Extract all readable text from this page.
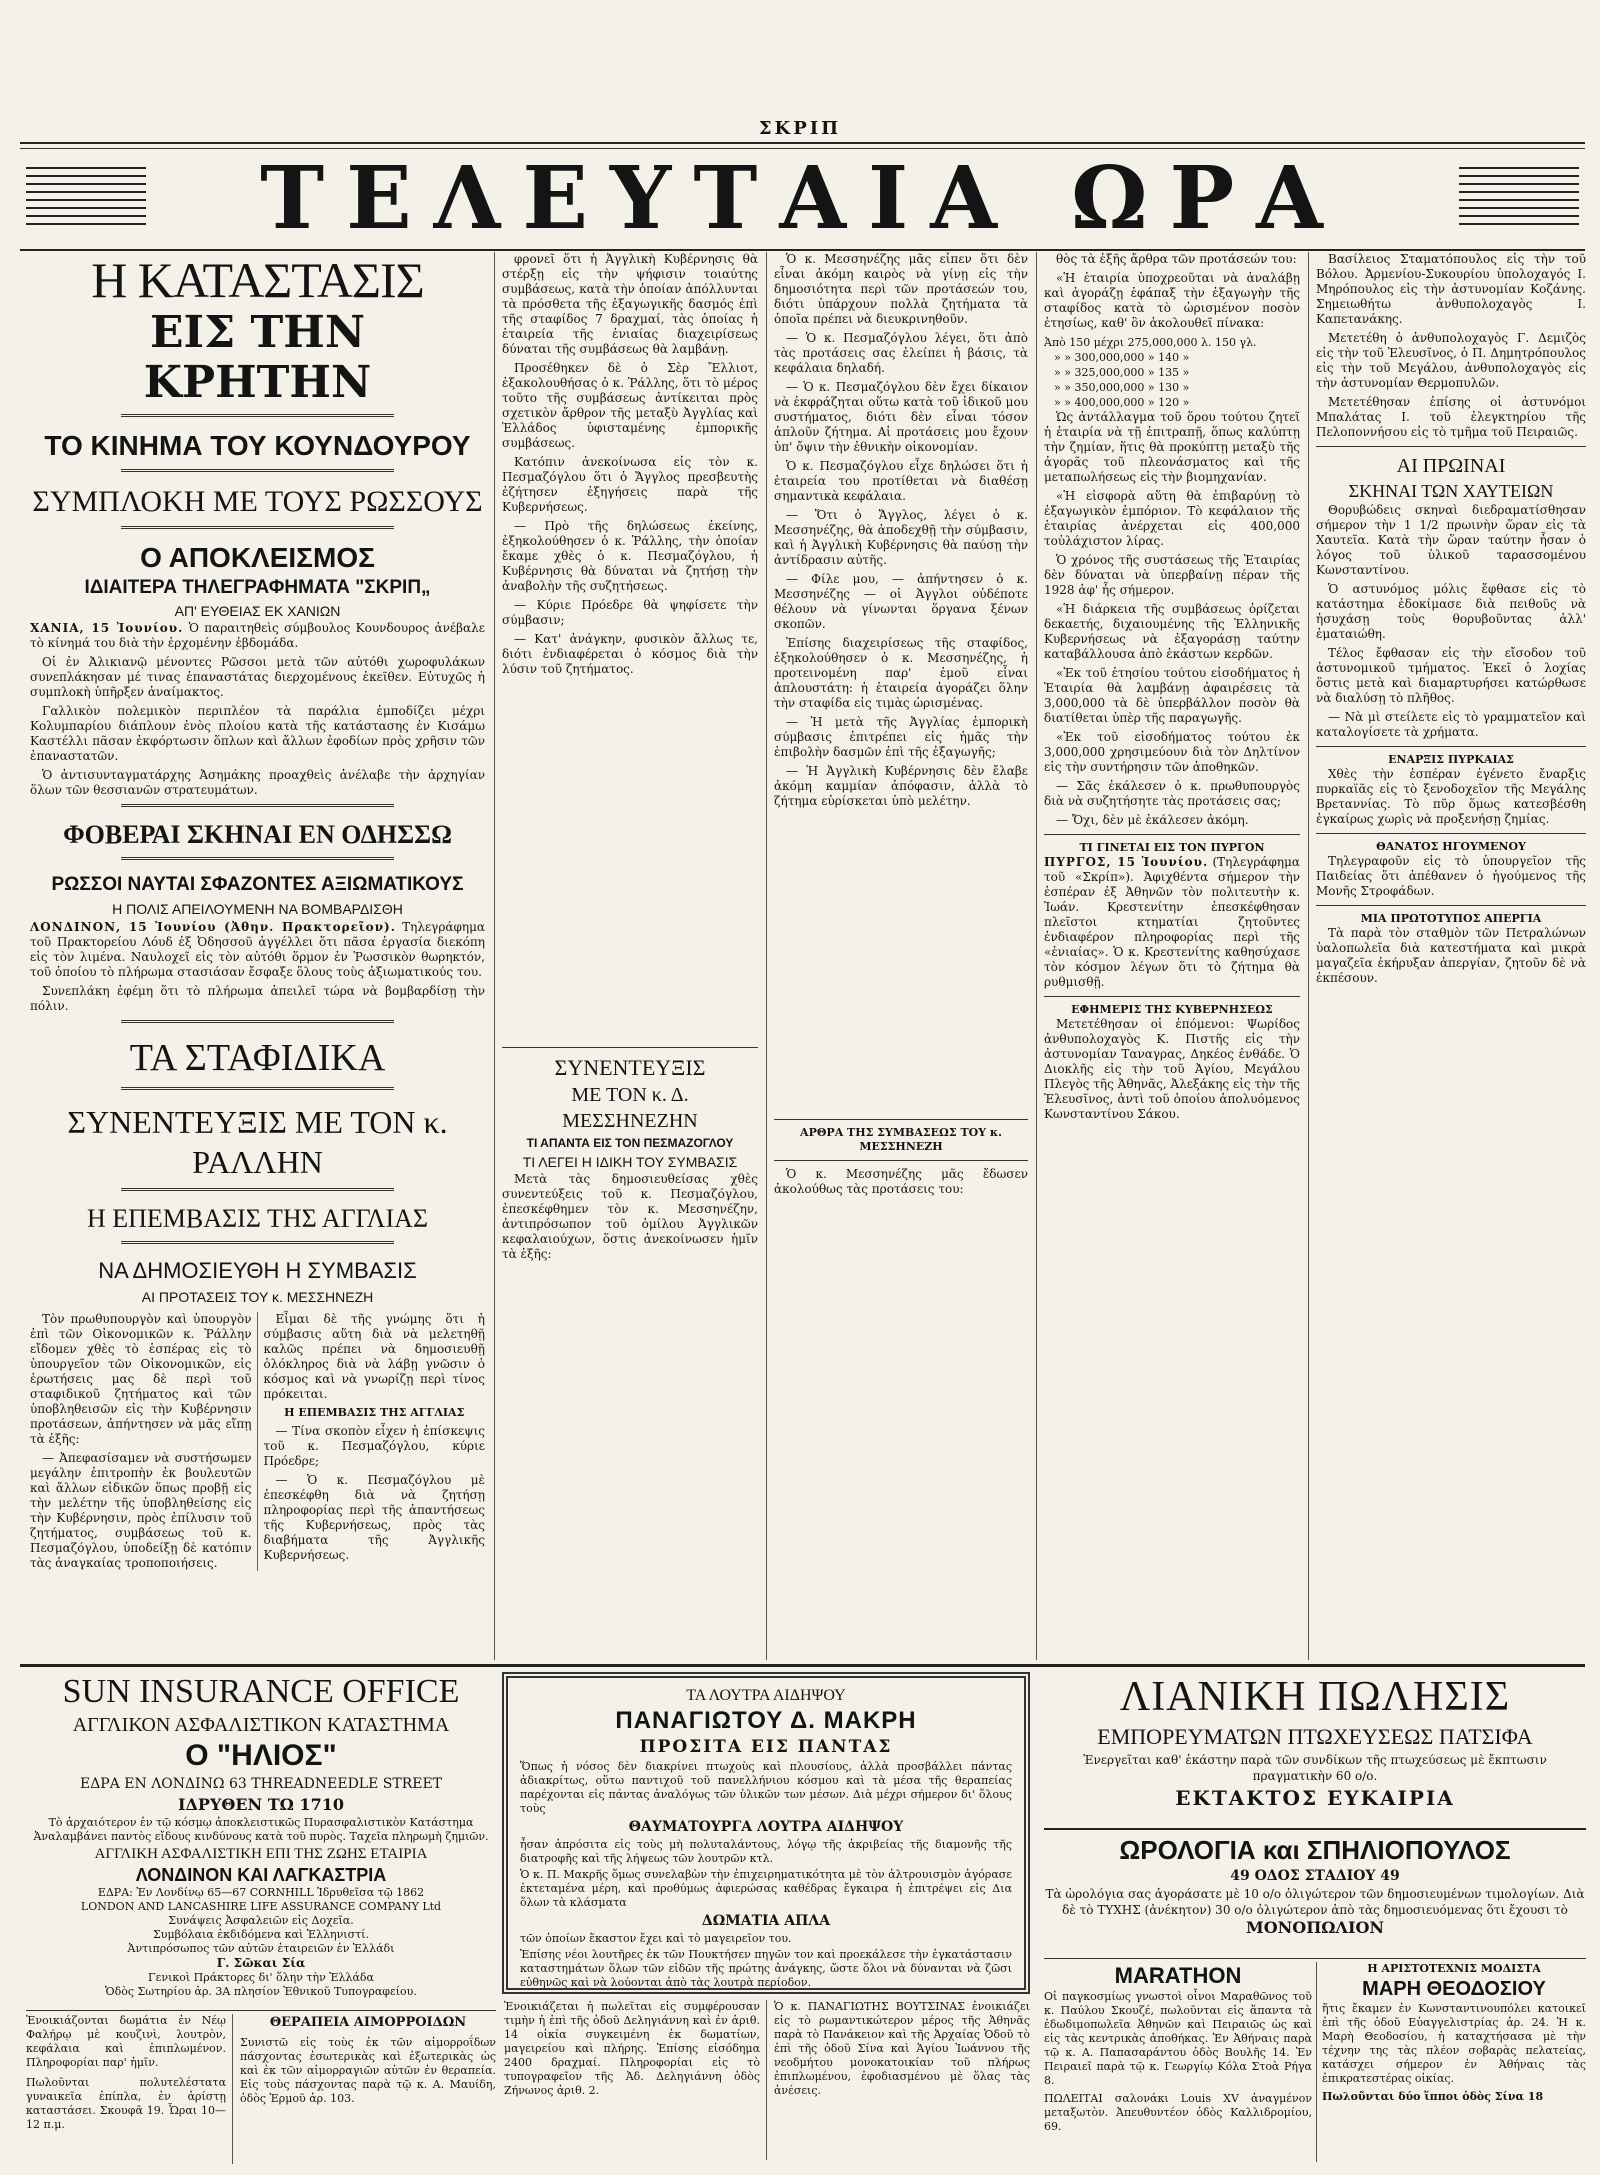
ΣΚΡΙΠ
ΤΕΛΕΥΤΑΙΑ ΩΡΑ
Η ΚΑΤΑΣΤΑΣΙΣ
ΕΙΣ ΤΗΝ ΚΡΗΤΗΝ
ΤΟ ΚΙΝΗΜΑ ΤΟΥ ΚΟΥΝΔΟΥΡΟΥ
ΣΥΜΠΛΟΚΗ ΜΕ ΤΟΥΣ ΡΩΣΣΟΥΣ
Ο ΑΠΟΚΛΕΙΣΜΟΣ
ΙΔΙΑΙΤΕΡΑ ΤΗΛΕΓΡΑΦΗΜΑΤΑ "ΣΚΡΙΠ„
ΑΠ' ΕΥΘΕΙΑΣ ΕΚ ΧΑΝΙΩΝ

ΧΑΝΙΑ, 15 Ἰουνίου. Ὁ παραιτηθεὶς σύμβουλος Κουνδουρος ἀνέβαλε τὸ κίνημά του διὰ τὴν ἐρχομένην ἑβδομάδα.

Οἱ ἐν Ἀλικιανῷ μένοντες Ρῶσσοι μετὰ τῶν αὐτόθι χωροφυλάκων συνεπλάκησαν μέ τινας ἐπαναστάτας διερχομένους ἐκεῖθεν. Εὐτυχῶς ἡ συμπλοκὴ ὑπῆρξεν ἀναίμακτος.

Γαλλικὸν πολεμικὸν περιπλέον τὰ παράλια ἐμποδίζει μέχρι Κολυμπαρίου διάπλουν ἐνὸς πλοίου κατὰ τῆς κατάστασης ἐν Κισάμω Καστέλλι πᾶσαν ἐκφόρτωσιν ὅπλων καὶ ἄλλων ἐφοδίων πρὸς χρῆσιν τῶν ἐπαναστατῶν.

Ὁ ἀντισυνταγματάρχης Ἀσημάκης προαχθεὶς ἀνέλαβε τὴν ἀρχηγίαν ὅλων τῶν θεσσιανῶν στρατευμάτων.

ΦΟΒΕΡΑΙ ΣΚΗΝΑΙ ΕΝ ΟΔΗΣΣΩ
ΡΩΣΣΟΙ ΝΑΥΤΑΙ ΣΦΑΖΟΝΤΕΣ ΑΞΙΩΜΑΤΙΚΟΥΣ
Η ΠΟΛΙΣ ΑΠΕΙΛΟΥΜΕΝΗ ΝΑ ΒΟΜΒΑΡΔΙΣΘΗ

ΛΟΝΔΙΝΟΝ, 15 Ἰουνίου (Ἀθην. Πρακτορεῖον). Τηλεγράφημα τοῦ Πρακτορείου Λόυδ ἐξ Ὀδησσοῦ ἀγγέλλει ὅτι πᾶσα ἐργασία διεκόπη εἰς τὸν λιμένα. Ναυλοχεῖ εἰς τὸν αὐτόθι ὅρμον ἐν Ῥωσσικὸν θωρηκτόν, τοῦ ὁποίου τὸ πλήρωμα στασιάσαν ἔσφαξε ὅλους τοὺς ἀξιωματικούς του.

Συνεπλάκη ἐφέμη ὅτι τὸ πλήρωμα ἀπειλεῖ τώρα νὰ βομβαρδίσῃ τὴν πόλιν.

ΤΑ ΣΤΑΦΙΔΙΚΑ
ΣΥΝΕΝΤΕΥΞΙΣ ΜΕ ΤΟΝ κ. ΡΑΛΛΗΝ
Η ΕΠΕΜΒΑΣΙΣ ΤΗΣ ΑΓΓΛΙΑΣ
ΝΑ ΔΗΜΟΣΙΕΥΘΗ Η ΣΥΜΒΑΣΙΣ
ΑΙ ΠΡΟΤΑΣΕΙΣ ΤΟΥ κ. ΜΕΣΣΗΝΕΖΗ

Τὸν πρωθυπουργὸν καὶ ὑπουργὸν ἐπὶ τῶν Οἰκονομικῶν κ. Ῥάλλην εἴδομεν χθὲς τὸ ἑσπέρας εἰς τὸ ὑπουργεῖον τῶν Οἰκονομικῶν, εἰς ἐρωτήσεις μας δὲ περὶ τοῦ σταφιδικοῦ ζητήματος καὶ τῶν ὑποβληθεισῶν εἰς τὴν Κυβέρνησιν προτάσεων, ἀπήντησεν νὰ μᾶς εἴπῃ τὰ ἑξῆς:

— Ἀπεφασίσαμεν νὰ συστήσωμεν μεγάλην ἐπιτροπὴν ἐκ βουλευτῶν καὶ ἄλλων εἰδικῶν ὅπως προβῇ εἰς τὴν μελέτην τῆς ὑποβληθείσης εἰς τὴν Κυβέρνησιν, πρὸς ἐπίλυσιν τοῦ ζητήματος, συμβάσεως τοῦ κ. Πεσμαζόγλου, ὑποδείξῃ δὲ κατόπιν τὰς ἀναγκαίας τροποποιήσεις.

Εἶμαι δὲ τῆς γνώμης ὅτι ἡ σύμβασις αὕτη διὰ νὰ μελετηθῇ καλῶς πρέπει νὰ δημοσιευθῇ ὁλόκληρος διὰ νὰ λάβῃ γνῶσιν ὁ κόσμος καὶ νὰ γνωρίζῃ περὶ τίνος πρόκειται.

Η ΕΠΕΜΒΑΣΙΣ ΤΗΣ ΑΓΓΛΙΑΣ

— Τίνα σκοπὸν εἶχεν ἡ ἐπίσκεψις τοῦ κ. Πεσμαζόγλου, κύριε Πρόεδρε;

— Ὁ κ. Πεσμαζόγλου μὲ ἐπεσκέφθη διὰ νὰ ζητήσῃ πληροφορίας περὶ τῆς ἀπαντήσεως τῆς Κυβερνήσεως, πρὸς τὰς διαβήματα τῆς Ἀγγλικῆς Κυβερνήσεως.

φρονεῖ ὅτι ἡ Ἀγγλικὴ Κυβέρνησις θὰ στέρξῃ εἰς τὴν ψήφισιν τοιαύτης συμβάσεως, κατὰ τὴν ὁποίαν ἀπόλλυνται τὰ πρόσθετα τῆς ἐξαγωγικῆς δασμός ἐπὶ τῆς σταφίδος 7 δραχμαί, τὰς ὁποίας ἡ ἑταιρεία τῆς ἐνιαίας διαχειρίσεως δύναται τῆς συμβάσεως θὰ λαμβάνῃ.

Προσέθηκεν δὲ ὁ Σὲρ Ἔλλιοτ, ἐξακολουθήσας ὁ κ. Ῥάλλης, ὅτι τὸ μέρος τοῦτο τῆς συμβάσεως ἀντίκειται πρὸς σχετικὸν ἄρθρον τῆς μεταξὺ Ἀγγλίας καὶ Ἑλλάδος ὑφισταμένης ἐμπορικῆς συμβάσεως.

Κατόπιν ἀνεκοίνωσα εἰς τὸν κ. Πεσμαζόγλου ὅτι ὁ Ἄγγλος πρεσβευτὴς ἐζήτησεν ἐξηγήσεις παρὰ τῆς Κυβερνήσεως.

— Πρὸ τῆς δηλώσεως ἐκείνης, ἐξηκολούθησεν ὁ κ. Ῥάλλης, τὴν ὁποίαν ἔκαμε χθὲς ὁ κ. Πεσμαζόγλου, ἡ Κυβέρνησις θὰ δύναται νὰ ζητήσῃ τὴν ἀναβολὴν τῆς συζητήσεως.

— Κύριε Πρόεδρε θὰ ψηφίσετε τὴν σύμβασιν;

— Κατ' ἀνάγκην, φυσικὸν ἄλλως τε, διότι ἐνδιαφέρεται ὁ κόσμος διὰ τὴν λύσιν τοῦ ζητήματος.

ΣΥΝΕΝΤΕΥΞΙΣ
ΜΕ ΤΟΝ κ. Δ. ΜΕΣΣΗΝΕΖΗΝ
ΤΙ ΑΠΑΝΤΑ ΕΙΣ ΤΟΝ ΠΕΣΜΑΖΟΓΛΟΥ
ΤΙ ΛΕΓΕΙ Η ΙΔΙΚΗ ΤΟΥ ΣΥΜΒΑΣΙΣ

Μετὰ τὰς δημοσιευθείσας χθὲς συνεντεύξεις τοῦ κ. Πεσμαζόγλου, ἐπεσκέφθημεν τὸν κ. Μεσσηνέζην, ἀντιπρόσωπον τοῦ ὀμίλου Ἀγγλικῶν κεφαλαιούχων, ὅστις ἀνεκοίνωσεν ἡμῖν τὰ ἑξῆς:

Ὁ κ. Μεσσηνέζης μᾶς εἶπεν ὅτι δὲν εἶναι ἀκόμη καιρὸς νὰ γίνῃ εἰς τὴν δημοσιότητα περὶ τῶν προτάσεών του, διότι ὑπάρχουν πολλὰ ζητήματα τὰ ὁποῖα πρέπει νὰ διευκρινηθοῦν.

— Ὁ κ. Πεσμαζόγλου λέγει, ὅτι ἀπὸ τὰς προτάσεις σας ἐλείπει ἡ βάσις, τὰ κεφάλαια δηλαδή.

— Ὁ κ. Πεσμαζόγλου δὲν ἔχει δίκαιον νὰ ἐκφράζηται οὕτω κατὰ τοῦ ἰδικοῦ μου συστήματος, διότι δὲν εἶναι τόσον ἁπλοῦν ζήτημα. Αἱ προτάσεις μου ἔχουν ὑπ' ὄψιν τὴν ἐθνικὴν οἰκονομίαν.

Ὁ κ. Πεσμαζόγλου εἶχε δηλώσει ὅτι ἡ ἑταιρεία του προτίθεται νὰ διαθέσῃ σημαντικὰ κεφάλαια.

— Ὅτι ὁ Ἄγγλος, λέγει ὁ κ. Μεσσηνέζης, θὰ ἀποδεχθῇ τὴν σύμβασιν, καὶ ἡ Ἀγγλικὴ Κυβέρνησις θὰ παύσῃ τὴν ἀντίδρασιν αὐτῆς.

— Φίλε μου, — ἀπήντησεν ὁ κ. Μεσσηνέζης — οἱ Ἀγγλοι οὐδέποτε θέλουν νὰ γίνωνται ὅργανα ξένων σκοπῶν.

Ἐπίσης διαχειρίσεως τῆς σταφίδος, ἐξηκολούθησεν ὁ κ. Μεσσηνέζης, ἡ προτεινομένη παρ' ἐμοῦ εἶναι ἀπλουστάτη: ἡ ἑταιρεία ἀγοράζει ὅλην τὴν σταφίδα εἰς τιμὰς ὡρισμένας.

— Ἡ μετὰ τῆς Ἀγγλίας ἐμπορικὴ σύμβασις ἐπιτρέπει εἰς ἡμᾶς τὴν ἐπιβολὴν δασμῶν ἐπὶ τῆς ἐξαγωγῆς;

— Ἡ Ἀγγλικὴ Κυβέρνησις δὲν ἔλαβε ἀκόμη καμμίαν ἀπόφασιν, ἀλλὰ τὸ ζήτημα εὑρίσκεται ὑπὸ μελέτην.

ΑΡΘΡΑ ΤΗΣ ΣΥΜΒΑΣΕΩΣ ΤΟΥ κ. ΜΕΣΣΗΝΕΖΗ

Ὁ κ. Μεσσηνέζης μᾶς ἔδωσεν ἀκολούθως τὰς προτάσεις του:

θὸς τὰ ἑξῆς ἄρθρα τῶν προτάσεών του:

«Ἡ ἑταιρία ὑποχρεοῦται νὰ ἀναλάβῃ καὶ ἀγοράζῃ ἐφάπαξ τὴν ἐξαγωγὴν τῆς σταφίδος κατὰ τὸ ὡρισμένον ποσὸν ἐτησίως, καθ' ὃν ἀκολουθεῖ πίνακα:

Ἀπὸ 150 μέχρι 275,000,000 λ. 150 γλ.
» » 300,000,000 » 140 »
» » 325,000,000 » 135 »
» » 350,000,000 » 130 »
» » 400,000,000 » 120 »

Ὡς ἀντάλλαγμα τοῦ ὅρου τούτου ζητεῖ ἡ ἑταιρία νὰ τῇ ἐπιτραπῇ, ὅπως καλύπτῃ τὴν ζημίαν, ἥτις θὰ προκύπτῃ μεταξὺ τῆς ἀγορᾶς τοῦ πλεονάσματος καὶ τῆς μεταπωλήσεως εἰς τὴν βιομηχανίαν.

«Ἡ εἰσφορὰ αὕτη θὰ ἐπιβαρύνῃ τὸ ἐξαγωγικὸν ἐμπόριον. Τὸ κεφάλαιον τῆς ἑταιρίας ἀνέρχεται εἰς 400,000 τοὐλάχιστον λίρας.

Ὁ χρόνος τῆς συστάσεως τῆς Ἑταιρίας δὲν δύναται νὰ ὑπερβαίνῃ πέραν τῆς 1928 ἀφ' ἧς σήμερον.

«Ἡ διάρκεια τῆς συμβάσεως ὁρίζεται δεκαετής, διχαιουμένης τῆς Ἑλληνικῆς Κυβερνήσεως νὰ ἐξαγοράσῃ ταύτην καταβάλλουσα ἀπὸ ἑκάστων κερδῶν.

«Ἐκ τοῦ ἐτησίου τούτου εἰσοδήματος ἡ Ἑταιρία θὰ λαμβάνῃ ἀφαιρέσεις τὰ 3,000,000 τὰ δὲ ὑπερβάλλον ποσὸν θὰ διατίθεται ὑπὲρ τῆς παραγωγῆς.

«Ἐκ τοῦ εἰσοδήματος τούτου ἐκ 3,000,000 χρησιμεύουν διὰ τὸν Δηλτίνον εἰς τὴν συντήρησιν τῶν ἀποθηκῶν.

— Σᾶς ἐκάλεσεν ὁ κ. πρωθυπουργὸς διὰ νὰ συζητήσητε τὰς προτάσεις σας;

— Ὄχι, δὲν μὲ ἐκάλεσεν ἀκόμη.

ΤΙ ΓΙΝΕΤΑΙ ΕΙΣ ΤΟΝ ΠΥΡΓΟΝ

ΠΥΡΓΟΣ, 15 Ἰουνίου. (Τηλεγράφημα τοῦ «Σκρίπ»). Ἀφιχθέντα σήμερον τὴν ἑσπέραν ἐξ Ἀθηνῶν τὸν πολιτευτὴν κ. Ἰωάν. Κρεστενίτην ἐπεσκέφθησαν πλεῖστοι κτηματίαι ζητοῦντες ἐνδιαφέρον πληροφορίας περὶ τῆς «ἑνιαίας». Ὁ κ. Κρεστενίτης καθησύχασε τὸν κόσμον λέγων ὅτι τὸ ζήτημα θὰ ρυθμισθῇ.

ΕΦΗΜΕΡΙΣ ΤΗΣ ΚΥΒΕΡΝΗΣΕΩΣ

Μετετέθησαν οἱ ἑπόμενοι: Ψωρίδος ἀνθυπολοχαγὸς Κ. Πιστῆς εἰς τὴν ἀστυνομίαν Ταναγρας, Δηκέος ἐνθάδε. Ὁ Διοκλῆς εἰς τὴν τοῦ Ἀγίου, Μεγάλου Πλεγὸς τῆς Ἀθηνᾶς, Ἀλεξάκης εἰς τὴν τῆς Ἐλευσῖνος, ἀντὶ τοῦ ὁποίου ἀπολυόμενος Κωνσταντίνου Σάκου.

Βασίλειος Σταματόπουλος εἰς τὴν τοῦ Βόλου. Ἀρμενίου-Συκουρίου ὑπολοχαγός Ι. Μηρόπουλος εἰς τὴν ἀστυνομίαν Κοζάνης. Σημειωθήτω ἀνθυπολοχαγὸς Ι. Καπετανάκης.

Μετετέθη ὁ ἀνθυπολοχαγὸς Γ. Δεμιζὸς εἰς τὴν τοῦ Ἐλευσῖνος, ὁ Π. Δημητρόπουλος εἰς τὴν τοῦ Μεγάλου, ἀνθυπολοχαγὸς εἰς τὴν ἀστυνομίαν Θερμοπυλῶν.

Μετετέθησαν ἐπίσης οἱ ἀστυνόμοι Μπαλάτας Ι. τοῦ ἐλεγκτηρίου τῆς Πελοποννήσου εἰς τὸ τμῆμα τοῦ Πειραιῶς.

ΑΙ ΠΡΩΙΝΑΙ
ΣΚΗΝΑΙ ΤΩΝ ΧΑΥΤΕΙΩΝ

Θορυβώδεις σκηναὶ διεδραματίσθησαν σήμερον τὴν 1 1/2 πρωινὴν ὥραν εἰς τὰ Χαυτεῖα. Κατὰ τὴν ὥραν ταύτην ἦσαν ὁ λόγος τοῦ ὑλικοῦ ταρασσομένου Κωνσταντίνου.

Ὁ αστυνόμος μόλις ἔφθασε εἰς τὸ κατάστημα ἐδοκίμασε διὰ πειθοῦς νὰ ἡσυχάσῃ τοὺς θορυβοῦντας ἀλλ' ἐματαιώθη.

Τέλος ἔφθασαν εἰς τὴν εἴσοδον τοῦ ἀστυνομικοῦ τμήματος. Ἐκεῖ ὁ λοχίας ὅστις μετὰ καὶ διαμαρτυρήσει κατώρθωσε νὰ διαλύσῃ τὸ πλῆθος.

— Νὰ μὶ στείλετε εἰς τὸ γραμματεῖον καὶ καταλογίσετε τὰ χρήματα.

ΕΝΑΡΞΙΣ ΠΥΡΚΑΙΑΣ

Χθὲς τὴν ἑσπέραν ἐγένετο ἔναρξις πυρκαϊᾶς εἰς τὸ ξενοδοχεῖον τῆς Μεγάλης Βρεταννίας. Τὸ πῦρ ὅμως κατεσβέσθη ἐγκαίρως χωρὶς νὰ προξενήσῃ ζημίας.

ΘΑΝΑΤΟΣ ΗΓΟΥΜΕΝΟΥ

Τηλεγραφοῦν εἰς τὸ ὑπουργεῖον τῆς Παιδείας ὅτι ἀπέθανεν ὁ ἡγούμενος τῆς Μονῆς Στροφάδων.

ΜΙΑ ΠΡΩΤΟΤΥΠΟΣ ΑΠΕΡΓΙΑ

Τὰ παρὰ τὸν σταθμὸν τῶν Πετραλώνων ὑαλοπωλεῖα διὰ κατεστήματα καὶ μικρὰ μαγαζεῖα ἐκήρυξαν ἀπεργίαν, ζητοῦν δὲ νὰ ἐκπέσουν.

SUN INSURANCE OFFICE
ΑΓΓΛΙΚΟΝ ΑΣΦΑΛΙΣΤΙΚΟΝ ΚΑΤΑΣΤΗΜΑ
Ο "ΗΛΙΟΣ"
ΕΔΡΑ ΕΝ ΛΟΝΔΙΝΩ 63 THREADNEEDLE STREET
ΙΔΡΥΘΕΝ ΤΩ 1710
Τὸ ἀρχαιότερον ἐν τῷ κόσμῳ ἀποκλειστικῶς Πυρασφαλιστικὸν Κατάστημα
Ἀναλαμβάνει παντὸς εἴδους κινδύνους κατὰ τοῦ πυρὸς. Ταχεῖα πληρωμὴ ζημιῶν.
ΑΓΓΛΙΚΗ ΑΣΦΑΛΙΣΤΙΚΗ ΕΠΙ ΤΗΣ ΖΩΗΣ ΕΤΑΙΡΙΑ
ΛΟΝΔΙΝΟΝ ΚΑΙ ΛΑΓΚΑΣΤΡΙΑ
ΕΔΡΑ: Ἐν Λονδίνῳ 65—67 CORNHILL Ἱδρυθεῖσα τῷ 1862
LONDON AND LANCASHIRE LIFE ASSURANCE COMPANY Ltd
Συνάψεις Ἀσφαλειῶν εἰς Δοχεῖα.
Συμβόλαια ἐκδιδόμενα καὶ Ἑλληνιστί.
Ἀντιπρόσωπος τῶν αὐτῶν ἑταιρειῶν ἐν Ἑλλάδι
Γ. Σῶκαι Σία
Γενικοὶ Πράκτορες δι' ὅλην τὴν Ἑλλάδα
Ὁδὸς Σωτηρίου ἀρ. 3Α πλησίον Ἐθνικοῦ Τυπογραφείου.

Ἐνοικιάζονται δωμάτια ἐν Νέῳ Φαλήρῳ μὲ κουζινὶ, λουτρὸν, κεφάλαια καὶ ἐπιπλωμένον. Πληροφορίαι παρ' ἡμῖν.

Πωλοῦνται πολυτελέστατα γυναικεῖα ἐπίπλα, ἐν ἀρίστῃ καταστάσει. Σκουφᾶ 19. Ὧραι 10—12 π.μ.

ΘΕΡΑΠΕΙΑ ΑΙΜΟΡΡΟΙΔΩΝ

Συνιστῶ εἰς τοὺς ἐκ τῶν αἱμορροΐδων πάσχοντας ἐσωτερικὰς καὶ ἐξωτερικὰς ὡς καὶ ἐκ τῶν αἱμορραγιῶν αὐτῶν ἐν θεραπεία. Εἰς τοὺς πάσχοντας παρὰ τῷ κ. Α. Μαυίδη, ὁδὸς Ἑρμοῦ ἀρ. 103.

ΤΑ ΛΟΥΤΡΑ ΑΙΔΗΨΟΥ
ΠΑΝΑΓΙΩΤΟΥ Δ. ΜΑΚΡΗ
ΠΡΟΣΙΤΑ ΕΙΣ ΠΑΝΤΑΣ

Ὅπως ἡ νόσος δὲν διακρίνει πτωχοὺς καὶ πλουσίους, ἀλλὰ προσβάλλει πάντας ἀδιακρίτως, οὕτω παντιχοῦ τοῦ πανελλήνιου κόσμου καὶ τὰ μέσα τῆς θεραπείας παρέχονται εἰς πάντας ἀναλόγως τῶν ὑλικῶν των μέσων. Διὰ μέχρι σήμερον δι' ὅλους τοὺς

ΘΑΥΜΑΤΟΥΡΓΑ ΛΟΥΤΡΑ ΑΙΔΗΨΟΥ

ἦσαν ἀπρόσιτα εἰς τοὺς μὴ πολυταλάντους, λόγῳ τῆς ἀκριβείας τῆς διαμονῆς τῆς διατροφῆς καὶ τῆς λήψεως τῶν λουτρῶν κτλ.

Ὁ κ. Π. Μακρῆς ὅμως συνελαβὼν τὴν ἐπιχειρηματικότητα μὲ τὸν ἀλτρουισμὸν ἀγόρασε ἐκτεταμένα μέρη, καὶ προθύμως ἀφιερώσας καθέδρας ἔγκαιρα ἡ ἐπιτρέψει εἰς Δια ὅλων τὰ κλάσματα

ΔΩΜΑΤΙΑ ΑΠΛΑ

τῶν ὁποίων ἕκαστον ἔχει καὶ τὸ μαγειρεῖον του.

Ἐπίσης νέοι λουτῆρες ἐκ τῶν Πουκτήσεν πηγῶν τον καὶ προεκάλεσε τὴν ἐγκατάστασιν καταστημάτων ὅλων τῶν εἰδῶν τῆς πρώτης ἀνάγκης, ὥστε ὅλοι νὰ δύνανται νὰ ζῶσι εὐθηνῶς καὶ νὰ λούονται ἀπὸ τὰς λουτρὰ περίοδον.

Ἐνοικιάζεται ἡ πωλεῖται εἰς συμφέρουσαν τιμὴν ἡ ἐπὶ τῆς ὁδοῦ Δεληγιάννη καὶ ἐν ἀριθ. 14 οἰκία συγκειμένη ἐκ δωματίων, μαγειρείου καὶ πλήρης. Ἐπίσης εἰσόδημα 2400 δραχμαί. Πληροφορίαι εἰς τὸ τυπογραφεῖον τῆς Ἀδ. Δεληγιάννη ὁδὸς Ζήνωνος ἀριθ. 2.

Ὁ κ. ΠΑΝΑΓΙΩΤΗΣ ΒΟΥΤΣΙΝΑΣ ἐνοικιάζει εἰς τὸ ρωμαντικώτερον μέρος τῆς Ἀθηνᾶς παρὰ τὸ Πανάκειον καὶ τῆς Ἀρχαίας Ὁδοῦ τὸ ἐπὶ τῆς ὁδοῦ Σίνα καὶ Ἁγίου Ἰωάννου τῆς νεοδμήτου μονοκατοικίαν τοῦ πλήρως ἐπιπλωμένου, ἐφοδιασμένου μὲ ὅλας τὰς ἀνέσεις.

ΛΙΑΝΙΚΗ ΠΩΛΗΣΙΣ
ΕΜΠΟΡΕΥΜΑΤΩΝ ΠΤΩΧΕΥΣΕΩΣ ΠΑΤΣΙΦΑ
Ἐνεργεῖται καθ' ἑκάστην παρὰ τῶν συνδίκων τῆς πτωχεύσεως μὲ ἔκπτωσιν πραγματικὴν 60 ο/ο.
ΕΚΤΑΚΤΟΣ ΕΥΚΑΙΡΙΑ
ΩΡΟΛΟΓΙΑ και ΣΠΗΛΙΟΠΟΥΛΟΣ
49 ΟΔΟΣ ΣΤΑΔΙΟΥ 49
Τὰ ὡρολόγια σας ἀγοράσατε μὲ 10 ο/ο ὀλιγώτερον τῶν δημοσιευμένων τιμολογίων. Διὰ δὲ τὸ ΤΥΧΗΣ (ἀνέκητον) 30 ο/ο ὀλιγώτερον ἀπὸ τὰς δημοσιευόμενας ὅτι ἔχουσι τὸ
ΜΟΝΟΠΩΛΙΟΝ
MARATHON

Οἱ παγκοσμίως γνωστοὶ οἶνοι Μαραθῶνος τοῦ κ. Παύλου Σκουζέ, πωλοῦνται εἰς ἅπαντα τὰ ἐδωδιμοπωλεῖα Ἀθηνῶν καὶ Πειραιῶς ὡς καὶ εἰς τὰς κεντρικὰς ἀποθήκας. Ἐν Ἀθήναις παρὰ τῷ κ. Α. Παπασαράντου ὁδὸς Βουλῆς 14. Ἐν Πειραιεῖ παρὰ τῷ κ. Γεωργίῳ Κόλα Στοὰ Ρήγα 8.

ΠΩΛΕΙΤΑΙ σαλονάκι Louis XV ἀναγμένον μεταξωτὸν. Ἀπευθυντέον ὁδὸς Καλλιδρομίου, 69.

Η ΑΡΙΣΤΟΤΕΧΝΙΣ ΜΟΔΙΣΤΑ
ΜΑΡΗ ΘΕΟΔΟΣΙΟΥ

ἥτις ἔκαμεν ἐν Κωνσταντινουπόλει κατοικεῖ ἐπὶ τῆς ὁδοῦ Εὐαγγελιστρίας ἀρ. 24. Ἡ κ. Μαρὴ Θεοδοσίου, ἡ καταχτήσασα μὲ τὴν τέχνην της τὰς πλέον σοβαρὰς πελατείας, κατάσχει σήμερον ἐν Ἀθήναις τὰς ἐπικρατεστέρας οἰκίας.

Πωλοῦνται δύο ἵπποι ὁδὸς Σίνα 18
